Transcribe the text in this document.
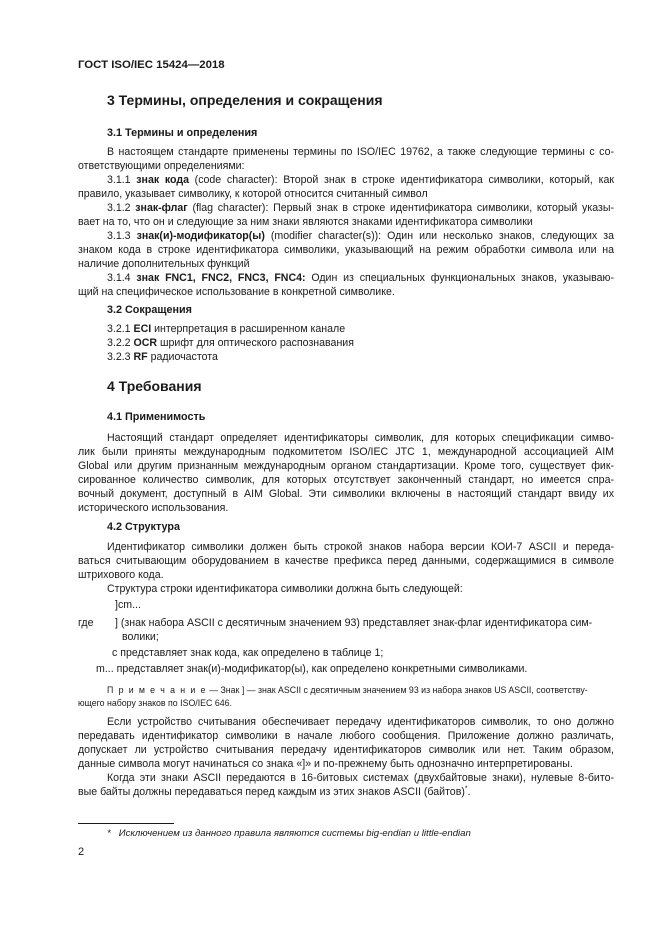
ГОСТ ISO/IEC 15424—2018
3 Термины, определения и сокращения
3.1 Термины и определения
В настоящем стандарте применены термины по ISO/IEC 19762, а также следующие термины с со-
ответствующими определениями:
3.1.1 знак кода (code character): Второй знак в строке идентификатора символики, который, как
правило, указывает символику, к которой относится считанный символ
3.1.2 знак-флаг (flag character): Первый знак в строке идентификатора символики, который указы-
вает на то, что он и следующие за ним знаки являются знаками идентификатора символики
3.1.3 знак(и)-модификатор(ы) (modifier character(s)): Один или несколько знаков, следующих за
знаком кода в строке идентификатора символики, указывающий на режим обработки символа или на
наличие дополнительных функций
3.1.4 знак FNC1, FNC2, FNC3, FNC4: Один из специальных функциональных знаков, указываю-
щий на специфическое использование в конкретной символике.
3.2 Сокращения
3.2.1 ECI интерпретация в расширенном канале
3.2.2 OCR шрифт для оптического распознавания
3.2.3 RF радиочастота
4 Требования
4.1 Применимость
Настоящий стандарт определяет идентификаторы символик, для которых спецификации симво-
лик были приняты международным подкомитетом ISO/IEC JTC 1, международной ассоциацией AIM
Global или другим признанным международным органом стандартизации. Кроме того, существует фик-
сированное количество символик, для которых отсутствует законченный стандарт, но имеется спра-
вочный документ, доступный в AIM Global. Эти символики включены в настоящий стандарт ввиду их
исторического использования.
4.2 Структура
Идентификатор символики должен быть строкой знаков набора версии КОИ-7 ASCII и переда-
ваться считывающим оборудованием в качестве префикса перед данными, содержащимися в символе
штрихового кода.
Структура строки идентификатора символики должна быть следующей:
]cm...
где ] (знак набора ASCII с десятичным значением 93) представляет знак-флаг идентификатора сим-
волики;
c представляет знак кода, как определено в таблице 1;
m... представляет знак(и)-модификатор(ы), как определено конкретными символиками.
П р и м е ч а н и е — Знак ] — знак ASCII с десятичным значением 93 из набора знаков US ASCII, соответству-
ющего набору знаков по ISO/IEC 646.
Если устройство считывания обеспечивает передачу идентификаторов символик, то оно должно
передавать идентификатор символики в начале любого сообщения. Приложение должно различать,
допускает ли устройство считывания передачу идентификаторов символик или нет. Таким образом,
данные символа могут начинаться со знака «]» и по-прежнему быть однозначно интерпретированы.
Когда эти знаки ASCII передаются в 16-битовых системах (двухбайтовые знаки), нулевые 8-бито-
вые байты должны передаваться перед каждым из этих знаков ASCII (байтов)*.
* Исключением из данного правила являются системы big-endian и little-endian
2
